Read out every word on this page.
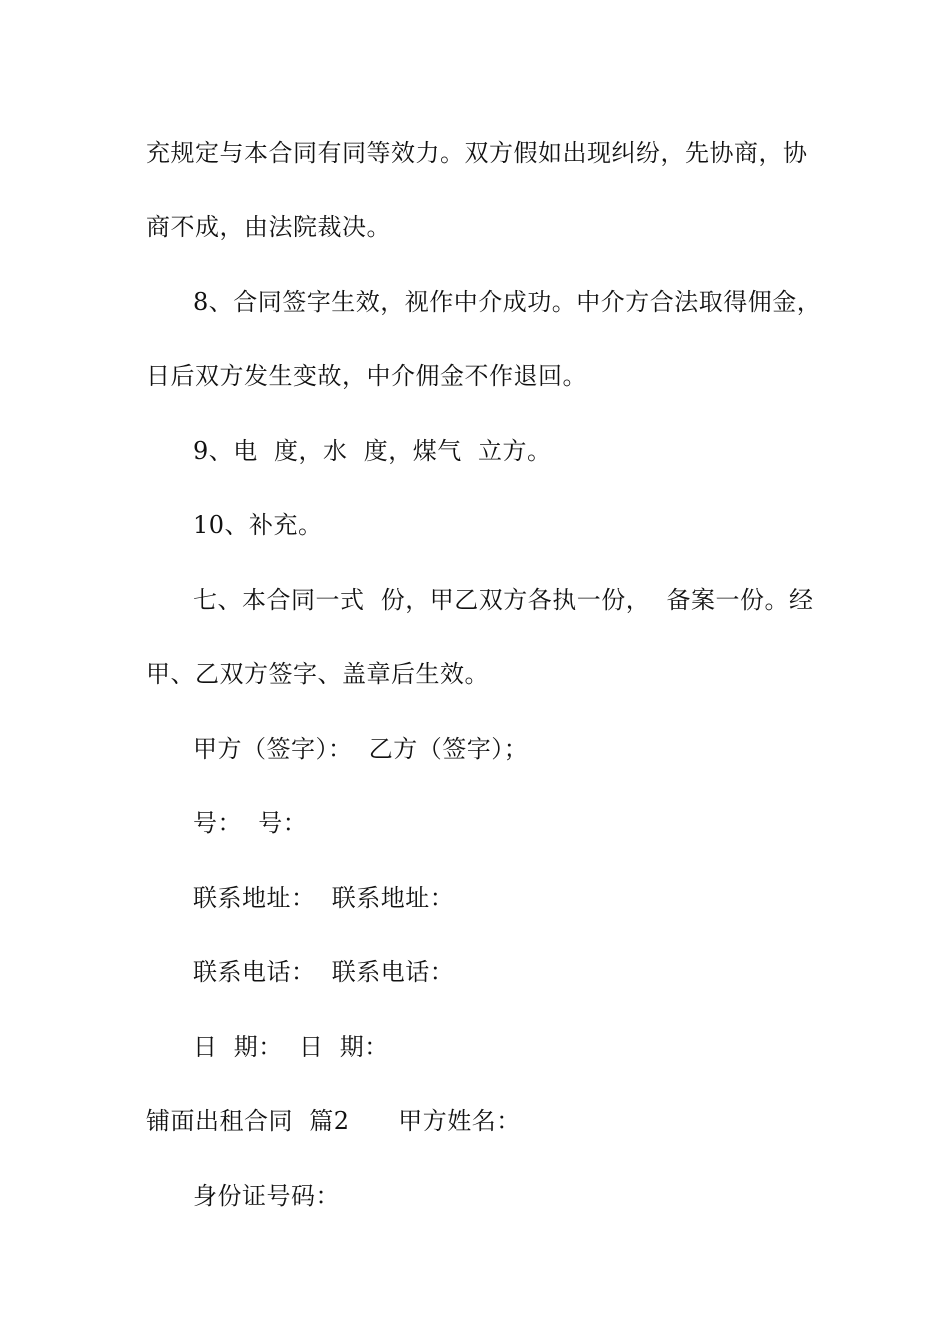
充规定与本合同有同等效力。双方假如出现纠纷，先协商，协
商不成，由法院裁决。
8、合同签字生效，视作中介成功。中介方合法取得佣金，
日后双方发生变故，中介佣金不作退回。
9、电  度，水  度，煤气  立方。
10、补充。
七、本合同一式  份，甲乙双方各执一份，  备案一份。经
甲、乙双方签字、盖章后生效。
甲方（签字）：  乙方（签字）；
号：  号：
联系地址：  联系地址：
联系电话：  联系电话：
日  期：  日  期：
铺面出租合同  篇2      甲方姓名：
身份证号码：
